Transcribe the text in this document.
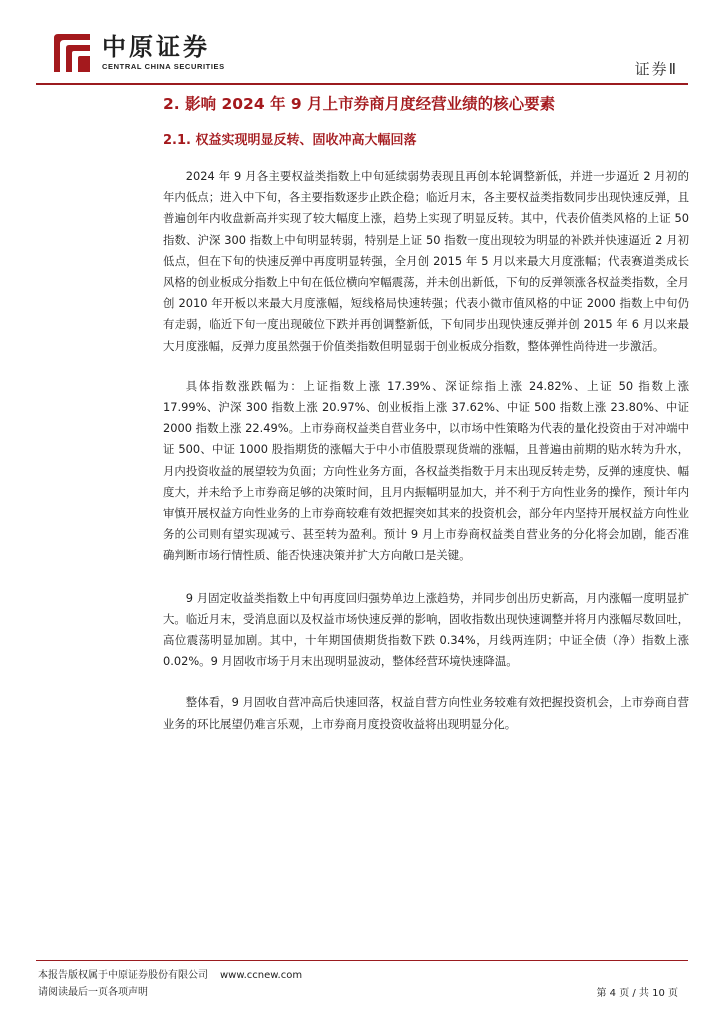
中原证券
CENTRAL CHINA SECURITIES	证券Ⅱ
2. 影响 2024 年 9 月上市券商月度经营业绩的核心要素
2.1. 权益实现明显反转、固收冲高大幅回落

2024 年 9 月各主要权益类指数上中旬延续弱势表现且再创本轮调整新低，并进一步逼近 2 月初的年内低点；进入中下旬，各主要指数逐步止跌企稳；临近月末，各主要权益类指数同步出现快速反弹，且普遍创年内收盘新高并实现了较大幅度上涨，趋势上实现了明显反转。其中，代表价值类风格的上证 50 指数、沪深 300 指数上中旬明显转弱，特别是上证 50 指数一度出现较为明显的补跌并快速逼近 2 月初低点，但在下旬的快速反弹中再度明显转强，全月创 2015 年 5 月以来最大月度涨幅；代表赛道类成长风格的创业板成分指数上中旬在低位横向窄幅震荡，并未创出新低，下旬的反弹领涨各权益类指数，全月创 2010 年开板以来最大月度涨幅，短线格局快速转强；代表小微市值风格的中证 2000 指数上中旬仍有走弱，临近下旬一度出现破位下跌并再创调整新低，下旬同步出现快速反弹并创 2015 年 6 月以来最大月度涨幅，反弹力度虽然强于价值类指数但明显弱于创业板成分指数，整体弹性尚待进一步激活。

具体指数涨跌幅为：上证指数上涨 17.39%、深证综指上涨 24.82%、上证 50 指数上涨 17.99%、沪深 300 指数上涨 20.97%、创业板指上涨 37.62%、中证 500 指数上涨 23.80%、中证 2000 指数上涨 22.49%。上市券商权益类自营业务中，以市场中性策略为代表的量化投资由于对冲端中证 500、中证 1000 股指期货的涨幅大于中小市值股票现货端的涨幅，且普遍由前期的贴水转为升水，月内投资收益的展望较为负面；方向性业务方面，各权益类指数于月末出现反转走势，反弹的速度快、幅度大，并未给予上市券商足够的决策时间，且月内振幅明显加大，并不利于方向性业务的操作，预计年内审慎开展权益方向性业务的上市券商较难有效把握突如其来的投资机会，部分年内坚持开展权益方向性业务的公司则有望实现减亏、甚至转为盈利。预计 9 月上市券商权益类自营业务的分化将会加剧，能否准确判断市场行情性质、能否快速决策并扩大方向敞口是关键。

9 月固定收益类指数上中旬再度回归强势单边上涨趋势，并同步创出历史新高，月内涨幅一度明显扩大。临近月末，受消息面以及权益市场快速反弹的影响，固收指数出现快速调整并将月内涨幅尽数回吐，高位震荡明显加剧。其中，十年期国债期货指数下跌 0.34%，月线两连阴；中证全债（净）指数上涨 0.02%。9 月固收市场于月末出现明显波动，整体经营环境快速降温。

整体看，9 月固收自营冲高后快速回落，权益自营方向性业务较难有效把握投资机会，上市券商自营业务的环比展望仍难言乐观，上市券商月度投资收益将出现明显分化。

本报告版权属于中原证券股份有限公司 www.ccnew.com
请阅读最后一页各项声明	第 4 页 / 共 10 页
